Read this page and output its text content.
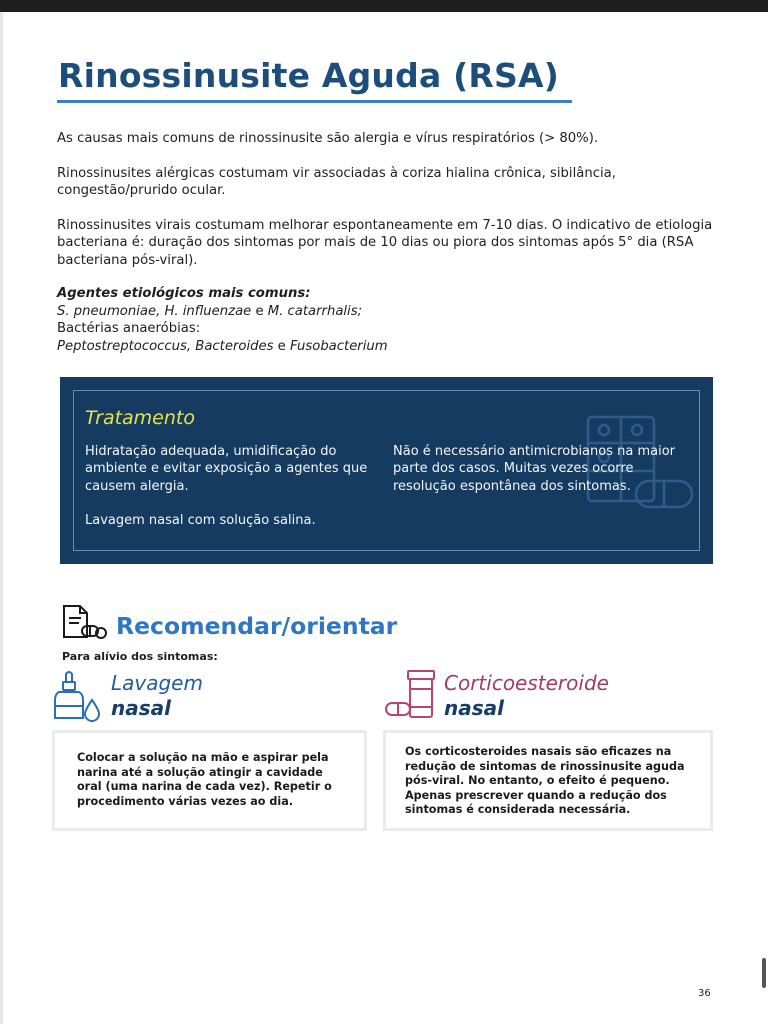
Rinossinusite Aguda (RSA)

As causas mais comuns de rinossinusite são alergia e vírus respiratórios (> 80%).

Rinossinusites alérgicas costumam vir associadas à coriza hialina crônica, sibilância, congestão/prurido ocular.

Rinossinusites virais costumam melhorar espontaneamente em 7-10 dias. O indicativo de etiologia bacteriana é: duração dos sintomas por mais de 10 dias ou piora dos sintomas após 5° dia (RSA bacteriana pós-viral).

Agentes etiológicos mais comuns:
S. pneumoniae, H. influenzae e M. catarrhalis;
Bactérias anaeróbias:
Peptostreptococcus, Bacteroides e Fusobacterium
Tratamento

Hidratação adequada, umidificação do ambiente e evitar exposição a agentes que causem alergia.

Lavagem nasal com solução salina.

Não é necessário antimicrobianos na maior parte dos casos. Muitas vezes ocorre resolução espontânea dos sintomas.

Recomendar/orientar
Para alívio dos sintomas:
Lavagem
nasal
Corticoesteroide
nasal
Colocar a solução na mão e aspirar pela narina até a solução atingir a cavidade oral (uma narina de cada vez). Repetir o procedimento várias vezes ao dia.
Os corticosteroides nasais são eficazes na redução de sintomas de rinossinusite aguda pós-viral. No entanto, o efeito é pequeno. Apenas prescrever quando a redução dos sintomas é considerada necessária.
36
